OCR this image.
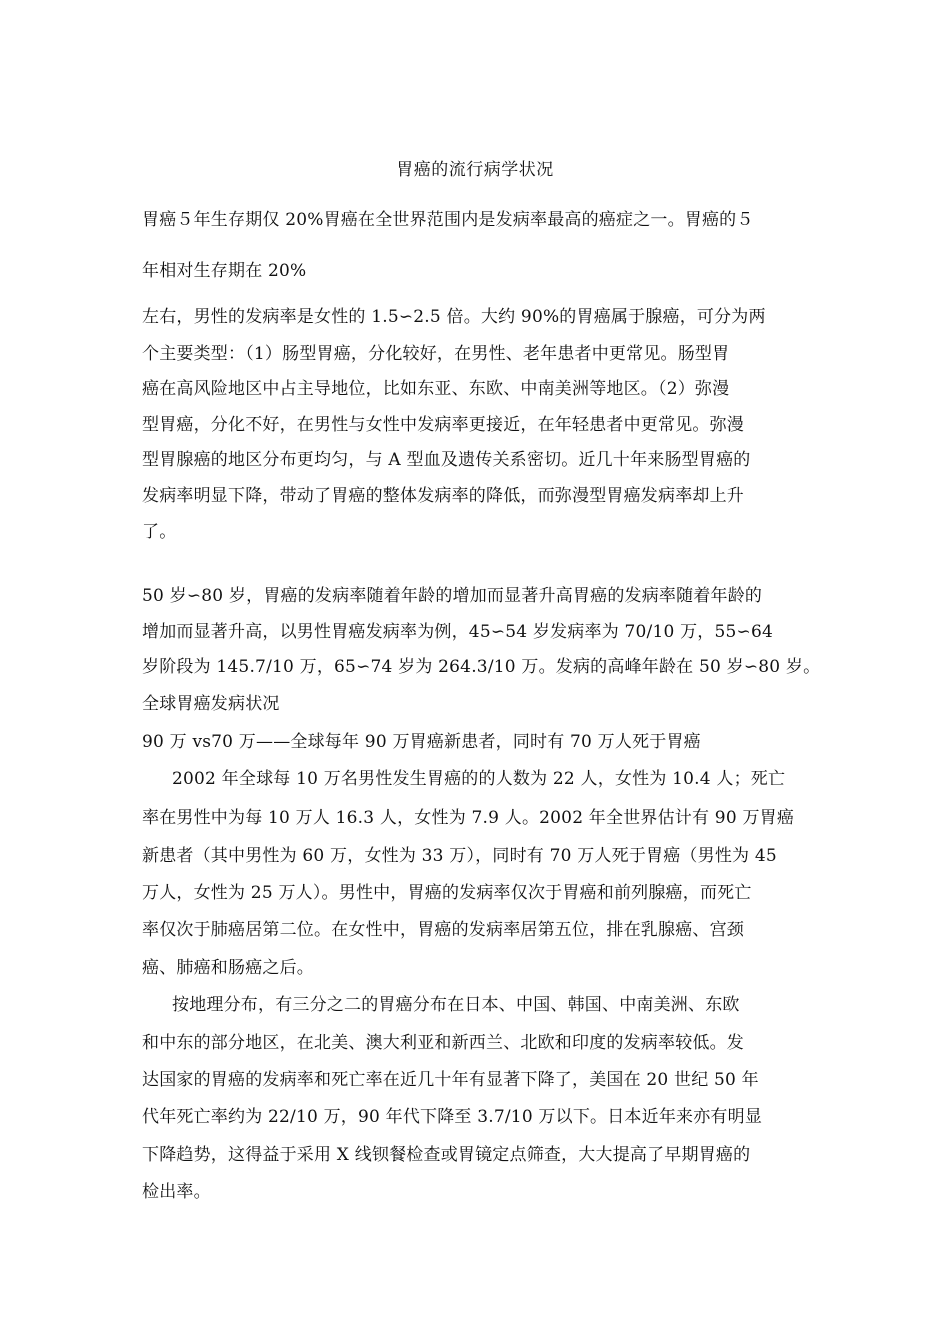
胃癌的流行病学状况
胃癌５年生存期仅 20%胃癌在全世界范围内是发病率最高的癌症之一。胃癌的５
年相对生存期在 20%
左右，男性的发病率是女性的 1.5∽2.5 倍。大约 90%的胃癌属于腺癌，可分为两
个主要类型：（1）肠型胃癌，分化较好，在男性、老年患者中更常见。肠型胃
癌在高风险地区中占主导地位，比如东亚、东欧、中南美洲等地区。（2）弥漫
型胃癌，分化不好，在男性与女性中发病率更接近，在年轻患者中更常见。弥漫
型胃腺癌的地区分布更均匀，与 A 型血及遗传关系密切。近几十年来肠型胃癌的
发病率明显下降，带动了胃癌的整体发病率的降低，而弥漫型胃癌发病率却上升
了。
50 岁∽80 岁，胃癌的发病率随着年龄的增加而显著升高胃癌的发病率随着年龄的
增加而显著升高，以男性胃癌发病率为例，45∽54 岁发病率为 70/10 万，55∽64
岁阶段为 145.7/10 万，65∽74 岁为 264.3/10 万。发病的高峰年龄在 50 岁∽80 岁。
全球胃癌发病状况
90 万 vs70 万——全球每年 90 万胃癌新患者，同时有 70 万人死于胃癌
2002 年全球每 10 万名男性发生胃癌的的人数为 22 人，女性为 10.4 人；死亡
率在男性中为每 10 万人 16.3 人，女性为 7.9 人。2002 年全世界估计有 90 万胃癌
新患者（其中男性为 60 万，女性为 33 万），同时有 70 万人死于胃癌（男性为 45
万人，女性为 25 万人）。男性中，胃癌的发病率仅次于胃癌和前列腺癌，而死亡
率仅次于肺癌居第二位。在女性中，胃癌的发病率居第五位，排在乳腺癌、宫颈
癌、肺癌和肠癌之后。
按地理分布，有三分之二的胃癌分布在日本、中国、韩国、中南美洲、东欧
和中东的部分地区，在北美、澳大利亚和新西兰、北欧和印度的发病率较低。发
达国家的胃癌的发病率和死亡率在近几十年有显著下降了，美国在 20 世纪 50 年
代年死亡率约为 22/10 万，90 年代下降至 3.7/10 万以下。日本近年来亦有明显
下降趋势，这得益于采用 X 线钡餐检查或胃镜定点筛查，大大提高了早期胃癌的
检出率。
